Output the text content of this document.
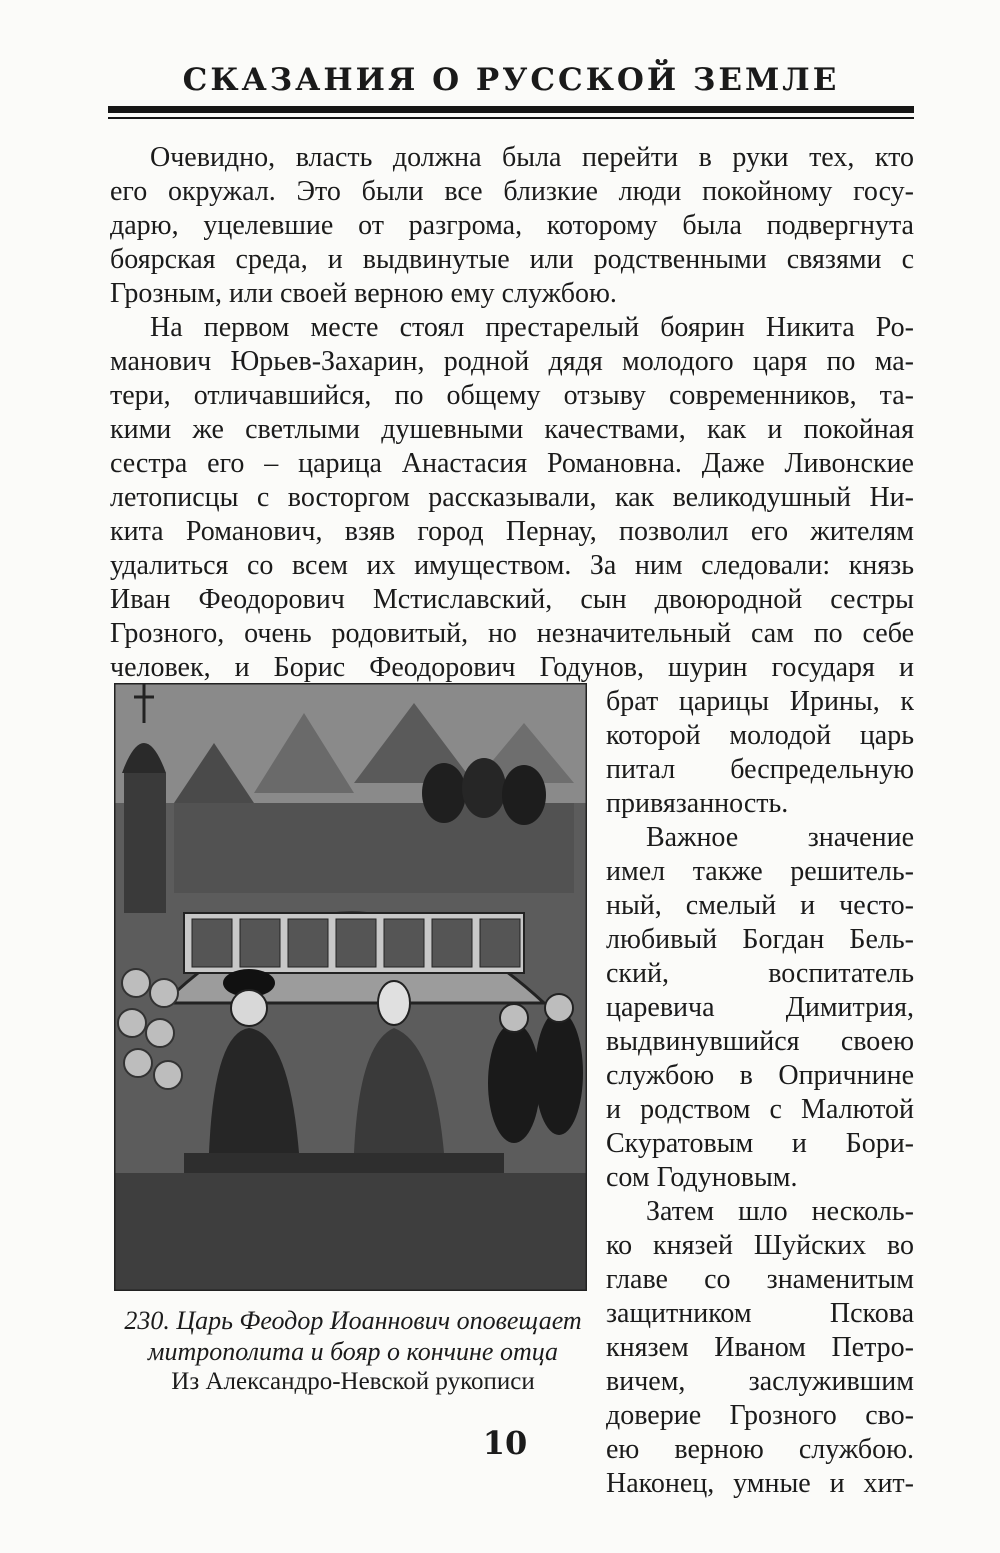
СКАЗАНИЯ О РУССКОЙ ЗЕМЛЕ
Очевидно, власть должна была перейти в руки тех, кто
его окружал. Это были все близкие люди покойному госу-
дарю, уцелевшие от разгрома, которому была подвергнута
боярская среда, и выдвинутые или родственными связями с
Грозным, или своей верною ему службою.
На первом месте стоял престарелый боярин Никита Ро-
манович Юрьев-Захарин, родной дядя молодого царя по ма-
тери, отличавшийся, по общему отзыву современников, та-
кими же светлыми душевными качествами, как и покойная
сестра его – царица Анастасия Романовна. Даже Ливонские
летописцы с восторгом рассказывали, как великодушный Ни-
кита Романович, взяв город Пернау, позволил его жителям
удалиться со всем их имуществом. За ним следовали: князь
Иван Феодорович Мстиславский, сын двоюродной сестры
Грозного, очень родовитый, но незначительный сам по себе
человек, и Борис Феодорович Годунов, шурин государя и
брат царицы Ирины, к
которой молодой царь
питал беспредельную
привязанность.
Важное значение
имел также решитель-
ный, смелый и често-
любивый Богдан Бель-
ский, воспитатель
царевича Димитрия,
выдвинувшийся своею
службою в Опричнине
и родством с Малютой
Скуратовым и Бори-
сом Годуновым.
Затем шло несколь-
ко князей Шуйских во
главе со знаменитым
защитником Пскова
князем Иваном Петро-
вичем, заслужившим
доверие Грозного сво-
ею верною службою.
Наконец, умные и хит-
230. Царь Феодор Иоаннович оповещает
митрополита и бояр о кончине отца
Из Александро-Невской рукописи
10
